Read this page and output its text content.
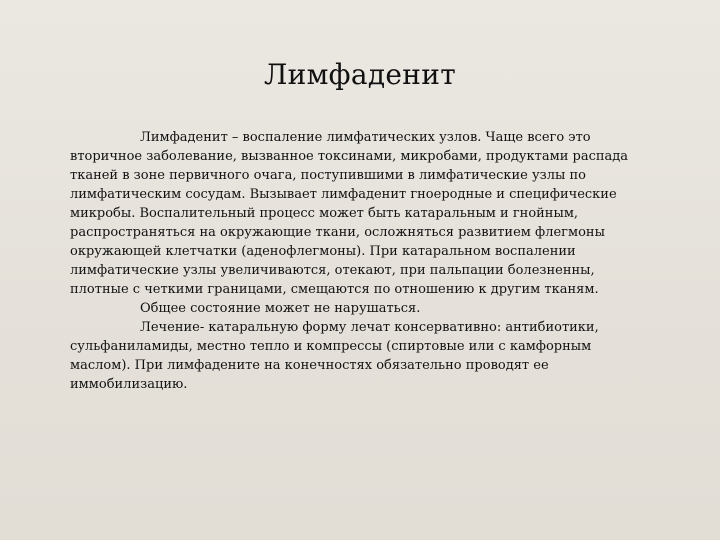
Лимфаденит

Лимфаденит – воспаление лимфатических узлов. Чаще всего это вторичное заболевание, вызванное токсинами, микробами, продуктами распада тканей в зоне первичного очага, поступившими в лимфатические узлы по лимфатическим сосудам. Вызывает лимфаденит гноеродные и специфические микробы. Воспалительный процесс может быть катаральным и гнойным, распространяться на окружающие ткани, осложняться развитием флегмоны окружающей клетчатки (аденофлегмоны). При катаральном воспалении лимфатические узлы увеличиваются, отекают, при пальпации болезненны, плотные с четкими границами, смещаются по отношению к другим тканям.

Общее состояние может не нарушаться.

Лечение- катаральную форму лечат консервативно: антибиотики, сульфаниламиды, местно тепло и компрессы (спиртовые или с камфорным маслом). При лимфадените на конечностях обязательно проводят ее иммобилизацию.
